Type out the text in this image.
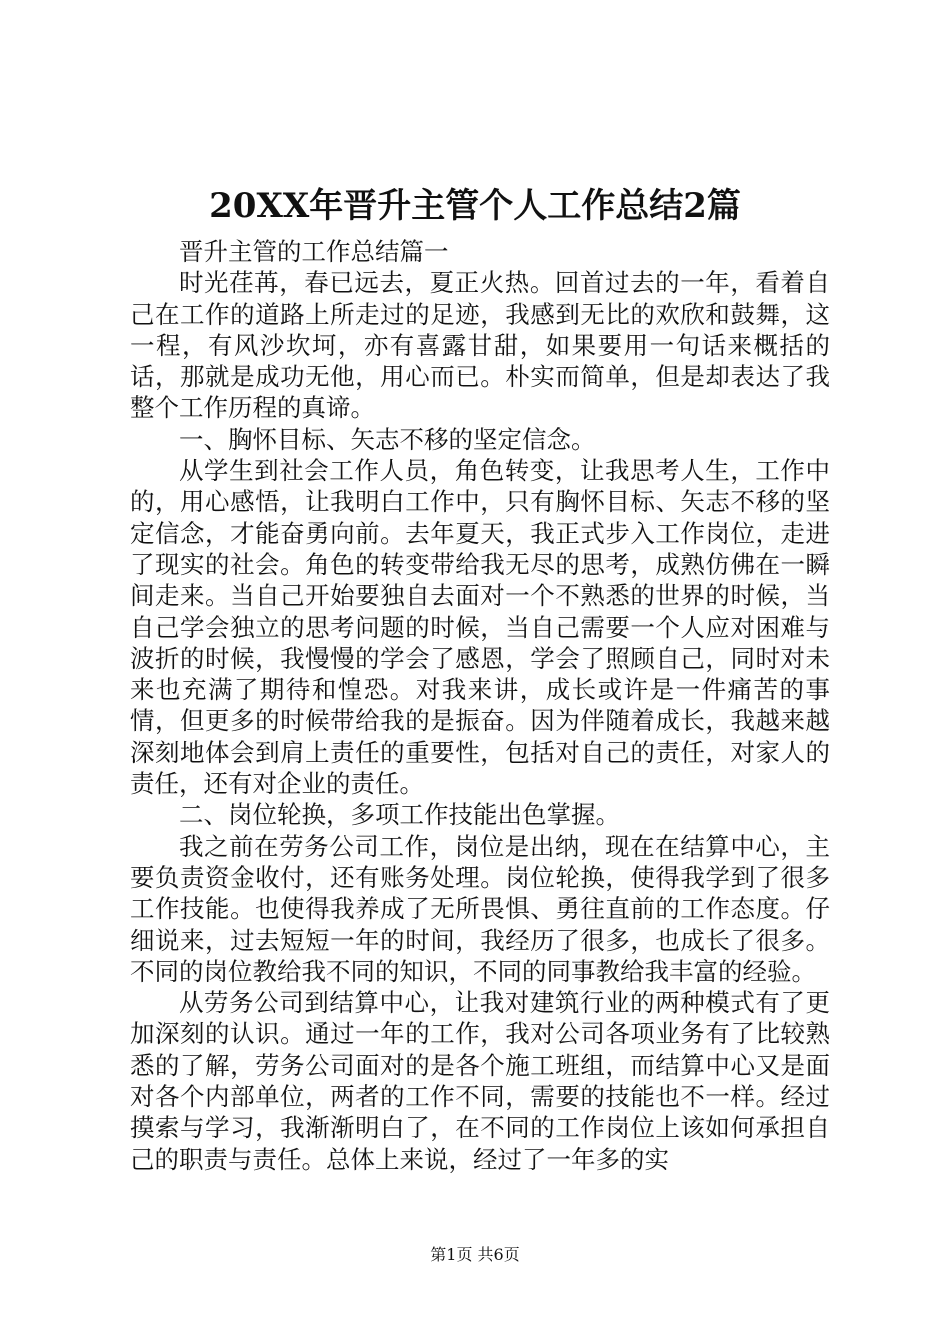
20XX年晋升主管个人工作总结2篇

晋升主管的工作总结篇一

时光荏苒，春已远去，夏正火热。回首过去的一年，看着自己在工作的道路上所走过的足迹，我感到无比的欢欣和鼓舞，这一程，有风沙坎坷，亦有喜露甘甜，如果要用一句话来概括的话，那就是成功无他，用心而已。朴实而简单，但是却表达了我整个工作历程的真谛。

一、胸怀目标、矢志不移的坚定信念。

从学生到社会工作人员，角色转变，让我思考人生，工作中的，用心感悟，让我明白工作中，只有胸怀目标、矢志不移的坚定信念，才能奋勇向前。去年夏天，我正式步入工作岗位，走进了现实的社会。角色的转变带给我无尽的思考，成熟仿佛在一瞬间走来。当自己开始要独自去面对一个不熟悉的世界的时候，当自己学会独立的思考问题的时候，当自己需要一个人应对困难与波折的时候，我慢慢的学会了感恩，学会了照顾自己，同时对未来也充满了期待和惶恐。对我来讲，成长或许是一件痛苦的事情，但更多的时候带给我的是振奋。因为伴随着成长，我越来越深刻地体会到肩上责任的重要性，包括对自己的责任，对家人的责任，还有对企业的责任。

二、岗位轮换，多项工作技能出色掌握。

我之前在劳务公司工作，岗位是出纳，现在在结算中心，主要负责资金收付，还有账务处理。岗位轮换，使得我学到了很多工作技能。也使得我养成了无所畏惧、勇往直前的工作态度。仔细说来，过去短短一年的时间，我经历了很多，也成长了很多。不同的岗位教给我不同的知识，不同的同事教给我丰富的经验。

从劳务公司到结算中心，让我对建筑行业的两种模式有了更加深刻的认识。通过一年的工作，我对公司各项业务有了比较熟悉的了解，劳务公司面对的是各个施工班组，而结算中心又是面对各个内部单位，两者的工作不同，需要的技能也不一样。经过摸索与学习，我渐渐明白了，在不同的工作岗位上该如何承担自己的职责与责任。总体上来说，经过了一年多的实

第1页 共6页
